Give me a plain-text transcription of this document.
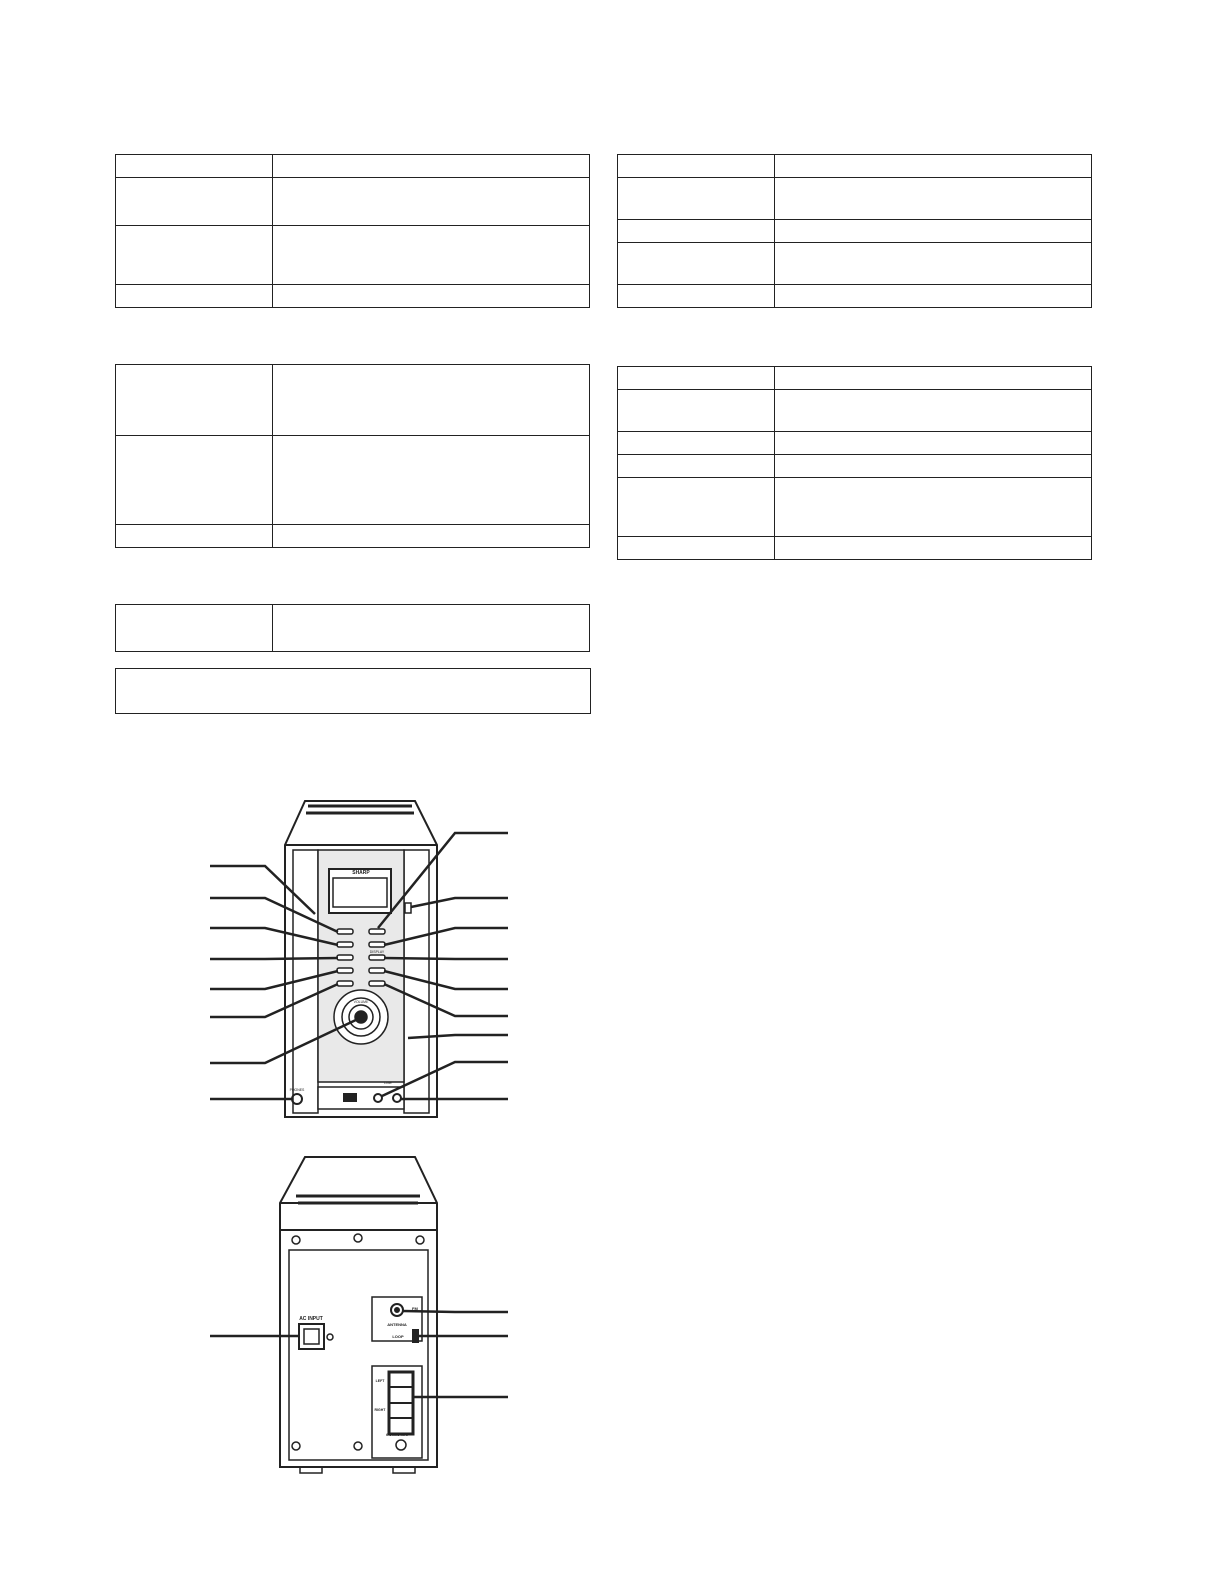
SHARP
VOLUME
DISPLAY
LINE
PHONES
AC INPUT
FM
ANTENNA
LOOP
LEFT
RIGHT
6 OHMS MIN.
